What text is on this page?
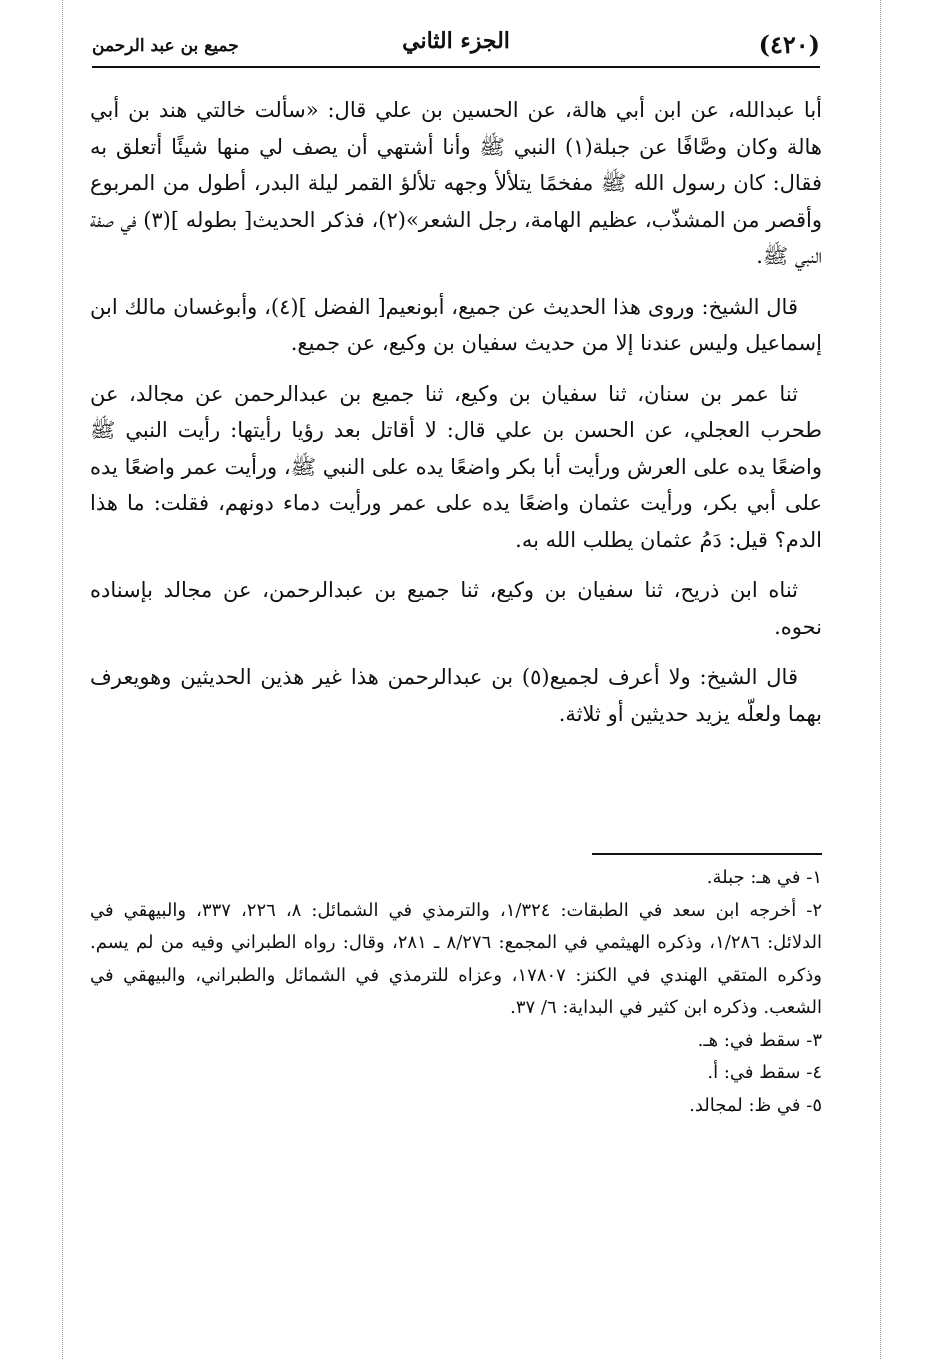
(٤٢٠)
الجزء الثاني
جميع بن عبد الرحمن

أبا عبدالله، عن ابن أبي هالة، عن الحسين بن علي قال: «سألت خالتي هند بن أبي هالة وكان وصَّافًا عن جبلة(١) النبي ﷺ وأنا أشتهي أن يصف لي منها شيئًا أتعلق به فقال: كان رسول الله ﷺ مفخمًا يتلألأ وجهه تلألؤ القمر ليلة البدر، أطول من المربوع وأقصر من المشذّب، عظيم الهامة، رجل الشعر»(٢)، فذكر الحديث[ بطوله ](٣) في صفة النبي ﷺ.

قال الشيخ: وروى هذا الحديث عن جميع، أبونعيم[ الفضل ](٤)، وأبوغسان مالك ابن إسماعيل وليس عندنا إلا من حديث سفيان بن وكيع، عن جميع.

ثنا عمر بن سنان، ثنا سفيان بن وكيع، ثنا جميع بن عبدالرحمن عن مجالد، عن طحرب العجلي، عن الحسن بن علي قال: لا أقاتل بعد رؤيا رأيتها: رأيت النبي ﷺ واضعًا يده على العرش ورأيت أبا بكر واضعًا يده على النبي ﷺ، ورأيت عمر واضعًا يده على أبي بكر، ورأيت عثمان واضعًا يده على عمر ورأيت دماء دونهم، فقلت: ما هذا الدم؟ قيل: دَمُ عثمان يطلب الله به.

ثناه ابن ذريح، ثنا سفيان بن وكيع، ثنا جميع بن عبدالرحمن، عن مجالد بإسناده نحوه.

قال الشيخ: ولا أعرف لجميع(٥) بن عبدالرحمن هذا غير هذين الحديثين وهويعرف بهما ولعلّه يزيد حديثين أو ثلاثة.

١- في هـ: جبلة.

٢- أخرجه ابن سعد في الطبقات: ١/٣٢٤، والترمذي في الشمائل: ٨، ٢٢٦، ٣٣٧، والبيهقي في الدلائل: ١/٢٨٦، وذكره الهيثمي في المجمع: ٨/٢٧٦ ـ ٢٨١، وقال: رواه الطبراني وفيه من لم يسم. وذكره المتقي الهندي في الكنز: ١٧٨٠٧، وعزاه للترمذي في الشمائل والطبراني، والبيهقي في الشعب. وذكره ابن كثير في البداية: ٦/ ٣٧.

٣- سقط في: هـ.

٤- سقط في: أ.

٥- في ظ: لمجالد.
